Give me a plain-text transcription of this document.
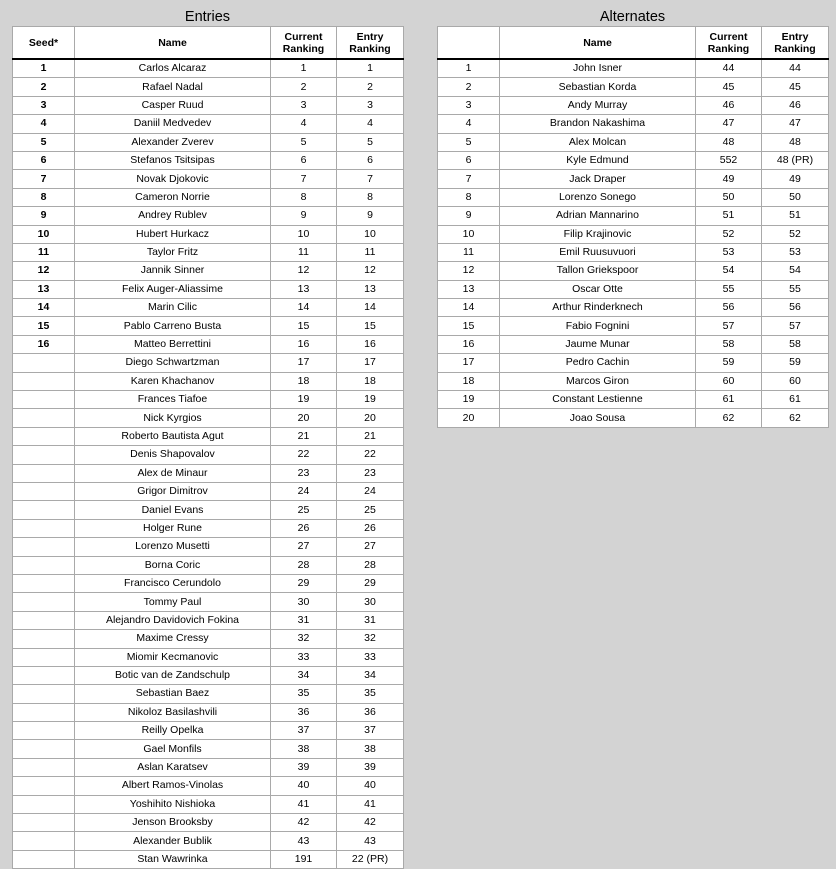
Entries
Seed*	Name	Current Ranking	Entry Ranking
1	Carlos Alcaraz	1	1
2	Rafael Nadal	2	2
3	Casper Ruud	3	3
4	Daniil Medvedev	4	4
5	Alexander Zverev	5	5
6	Stefanos Tsitsipas	6	6
7	Novak Djokovic	7	7
8	Cameron Norrie	8	8
9	Andrey Rublev	9	9
10	Hubert Hurkacz	10	10
11	Taylor Fritz	11	11
12	Jannik Sinner	12	12
13	Felix Auger-Aliassime	13	13
14	Marin Cilic	14	14
15	Pablo Carreno Busta	15	15
16	Matteo Berrettini	16	16
	Diego Schwartzman	17	17
	Karen Khachanov	18	18
	Frances Tiafoe	19	19
	Nick Kyrgios	20	20
	Roberto Bautista Agut	21	21
	Denis Shapovalov	22	22
	Alex de Minaur	23	23
	Grigor Dimitrov	24	24
	Daniel Evans	25	25
	Holger Rune	26	26
	Lorenzo Musetti	27	27
	Borna Coric	28	28
	Francisco Cerundolo	29	29
	Tommy Paul	30	30
	Alejandro Davidovich Fokina	31	31
	Maxime Cressy	32	32
	Miomir Kecmanovic	33	33
	Botic van de Zandschulp	34	34
	Sebastian Baez	35	35
	Nikoloz Basilashvili	36	36
	Reilly Opelka	37	37
	Gael Monfils	38	38
	Aslan Karatsev	39	39
	Albert Ramos-Vinolas	40	40
	Yoshihito Nishioka	41	41
	Jenson Brooksby	42	42
	Alexander Bublik	43	43
	Stan Wawrinka	191	22 (PR)
Alternates
	Name	Current Ranking	Entry Ranking
1	John Isner	44	44
2	Sebastian Korda	45	45
3	Andy Murray	46	46
4	Brandon Nakashima	47	47
5	Alex Molcan	48	48
6	Kyle Edmund	552	48 (PR)
7	Jack Draper	49	49
8	Lorenzo Sonego	50	50
9	Adrian Mannarino	51	51
10	Filip Krajinovic	52	52
11	Emil Ruusuvuori	53	53
12	Tallon Griekspoor	54	54
13	Oscar Otte	55	55
14	Arthur Rinderknech	56	56
15	Fabio Fognini	57	57
16	Jaume Munar	58	58
17	Pedro Cachin	59	59
18	Marcos Giron	60	60
19	Constant Lestienne	61	61
20	Joao Sousa	62	62
